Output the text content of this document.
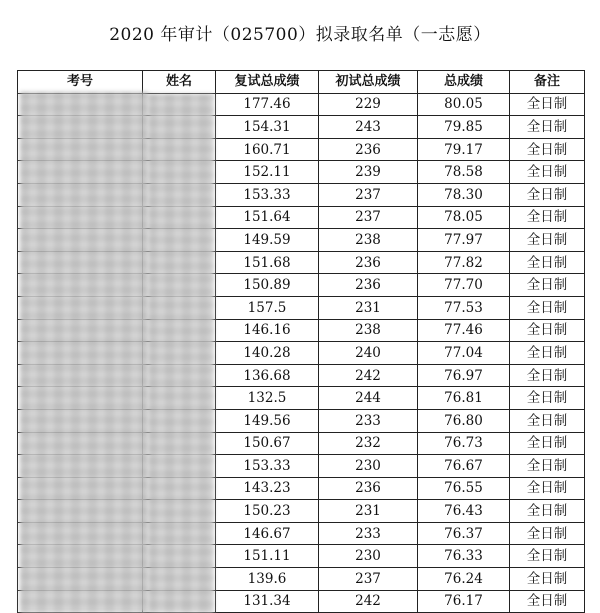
2020 年审计（025700）拟录取名单（一志愿）
考号	姓名	复试总成绩	初试总成绩	总成绩	备注
		177.46	229	80.05	全日制
		154.31	243	79.85	全日制
		160.71	236	79.17	全日制
		152.11	239	78.58	全日制
		153.33	237	78.30	全日制
		151.64	237	78.05	全日制
		149.59	238	77.97	全日制
		151.68	236	77.82	全日制
		150.89	236	77.70	全日制
		157.5	231	77.53	全日制
		146.16	238	77.46	全日制
		140.28	240	77.04	全日制
		136.68	242	76.97	全日制
		132.5	244	76.81	全日制
		149.56	233	76.80	全日制
		150.67	232	76.73	全日制
		153.33	230	76.67	全日制
		143.23	236	76.55	全日制
		150.23	231	76.43	全日制
		146.67	233	76.37	全日制
		151.11	230	76.33	全日制
		139.6	237	76.24	全日制
		131.34	242	76.17	全日制
